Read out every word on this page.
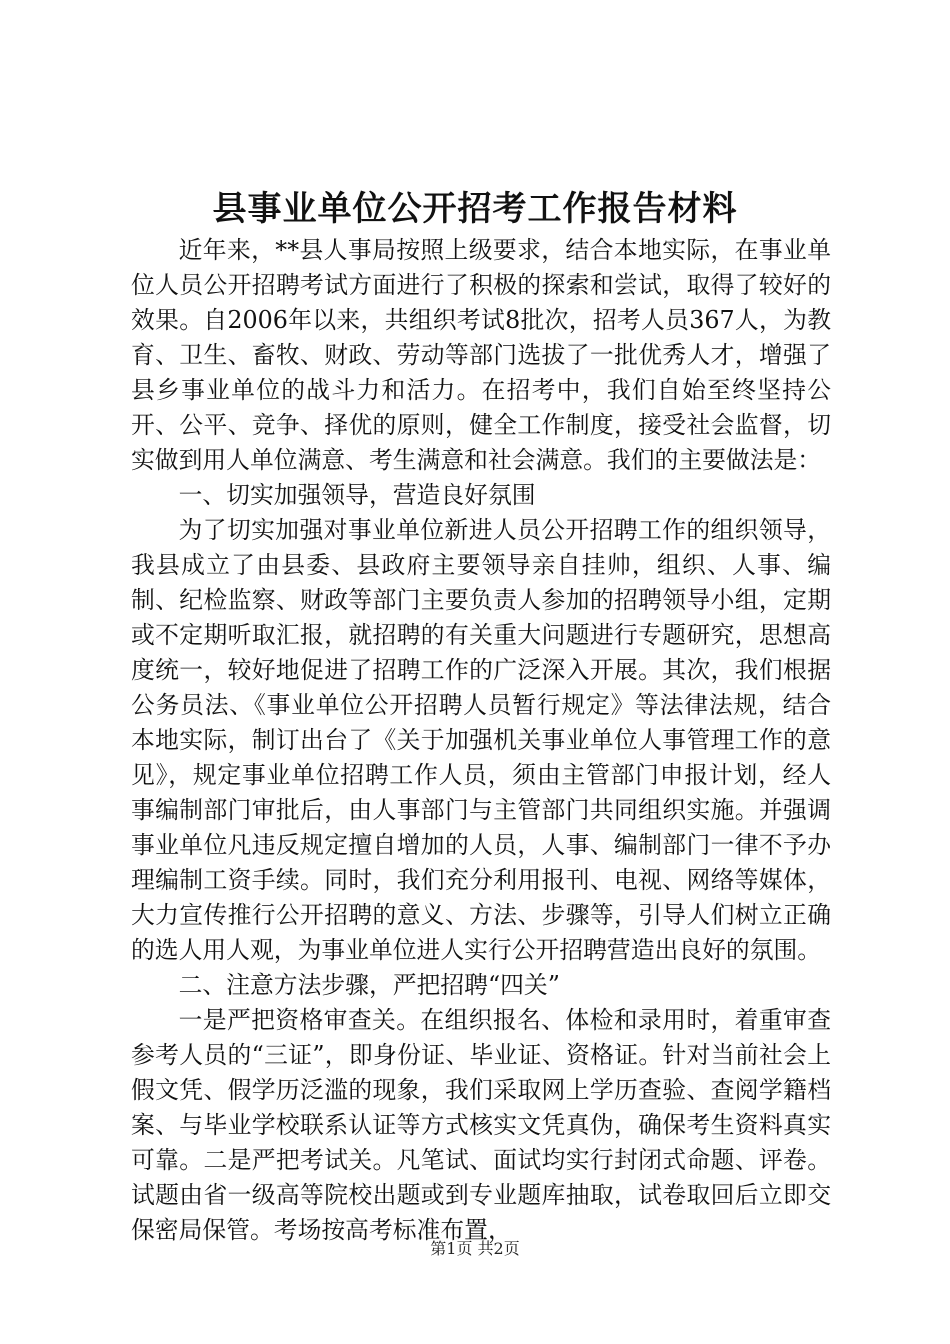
县事业单位公开招考工作报告材料

近年来，**县人事局按照上级要求，结合本地实际，在事业单位人员公开招聘考试方面进行了积极的探索和尝试，取得了较好的效果。自2006年以来，共组织考试8批次，招考人员367人，为教育、卫生、畜牧、财政、劳动等部门选拔了一批优秀人才，增强了县乡事业单位的战斗力和活力。在招考中，我们自始至终坚持公开、公平、竞争、择优的原则，健全工作制度，接受社会监督，切实做到用人单位满意、考生满意和社会满意。我们的主要做法是：

一、切实加强领导，营造良好氛围

为了切实加强对事业单位新进人员公开招聘工作的组织领导，我县成立了由县委、县政府主要领导亲自挂帅，组织、人事、编制、纪检监察、财政等部门主要负责人参加的招聘领导小组，定期或不定期听取汇报，就招聘的有关重大问题进行专题研究，思想高度统一，较好地促进了招聘工作的广泛深入开展。其次，我们根据公务员法、《事业单位公开招聘人员暂行规定》等法律法规，结合本地实际，制订出台了《关于加强机关事业单位人事管理工作的意见》，规定事业单位招聘工作人员，须由主管部门申报计划，经人事编制部门审批后，由人事部门与主管部门共同组织实施。并强调事业单位凡违反规定擅自增加的人员，人事、编制部门一律不予办理编制工资手续。同时，我们充分利用报刊、电视、网络等媒体，大力宣传推行公开招聘的意义、方法、步骤等，引导人们树立正确的选人用人观，为事业单位进人实行公开招聘营造出良好的氛围。

二、注意方法步骤，严把招聘“四关”

一是严把资格审查关。在组织报名、体检和录用时，着重审查参考人员的“三证”，即身份证、毕业证、资格证。针对当前社会上假文凭、假学历泛滥的现象，我们采取网上学历查验、查阅学籍档案、与毕业学校联系认证等方式核实文凭真伪，确保考生资料真实可靠。二是严把考试关。凡笔试、面试均实行封闭式命题、评卷。试题由省一级高等院校出题或到专业题库抽取，试卷取回后立即交保密局保管。考场按高考标准布置，

第1页 共2页
